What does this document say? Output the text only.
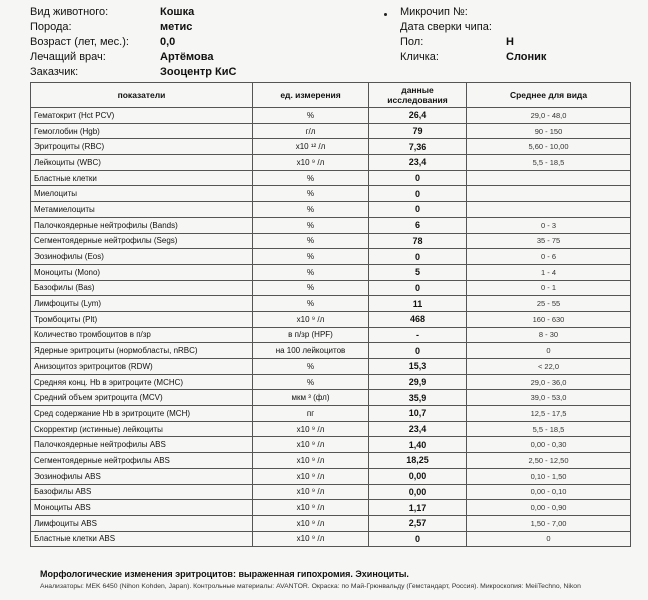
Вид животного:	Кошка
Порода:	метис
Возраст (лет, мес.):	0,0
Лечащий врач:	Артёмова
Заказчик:	Зооцентр КиС
Микрочип №:
Дата сверки чипа:
Пол:	Н
Кличка:	Слоник
показатели	ед. измерения	данные исследования	Среднее для вида
Гематокрит (Hct PCV)	%	26,4	29,0 - 48,0
Гемоглобин (Hgb)	г/л	79	90 - 150
Эритроциты (RBC)	x10 ¹² /л	7,36	5,60 - 10,00
Лейкоциты (WBC)	x10 ⁹ /л	23,4	5,5 - 18,5
Бластные клетки	%	0	
Миелоциты	%	0	
Метамиелоциты	%	0	
Палочкоядерные нейтрофилы (Bands)	%	6	0 - 3
Сегментоядерные нейтрофилы (Segs)	%	78	35 - 75
Эозинофилы (Eos)	%	0	0 - 6
Моноциты (Mono)	%	5	1 - 4
Базофилы (Bas)	%	0	0 - 1
Лимфоциты (Lym)	%	11	25 - 55
Тромбоциты (Plt)	x10 ⁹ /л	468	160 - 630
Количество тромбоцитов в п/зр	в п/зр (HPF)	-	8 - 30
Ядерные эритроциты (нормобласты, nRBC)	на 100 лейкоцитов	0	0
Анизоцитоз эритроцитов (RDW)	%	15,3	< 22,0
Средняя конц. Hb в эритроците (MCHC)	%	29,9	29,0 - 36,0
Средний объем эритроцита (MCV)	мкм ³ (фл)	35,9	39,0 - 53,0
Сред содержание Hb в эритроците (MCH)	пг	10,7	12,5 - 17,5
Скорректир (истинные) лейкоциты	x10 ⁹ /л	23,4	5,5 - 18,5
Палочкоядерные нейтрофилы ABS	x10 ⁹ /л	1,40	0,00 - 0,30
Сегментоядерные нейтрофилы ABS	x10 ⁹ /л	18,25	2,50 - 12,50
Эозинофилы ABS	x10 ⁹ /л	0,00	0,10 - 1,50
Базофилы ABS	x10 ⁹ /л	0,00	0,00 - 0,10
Моноциты ABS	x10 ⁹ /л	1,17	0,00 - 0,90
Лимфоциты ABS	x10 ⁹ /л	2,57	1,50 - 7,00
Бластные клетки ABS	x10 ⁹ /л	0	0
Морфологические изменения эритроцитов: выраженная гипохромия. Эхиноциты.
Анализаторы: MEK 6450 (Nihon Kohden, Japan). Контрольные материалы: AVANTOR. Окраска: по Май-Грюнвальду (Гемстандарт, Россия). Микроскопия: MeiiTechno, Nikon
